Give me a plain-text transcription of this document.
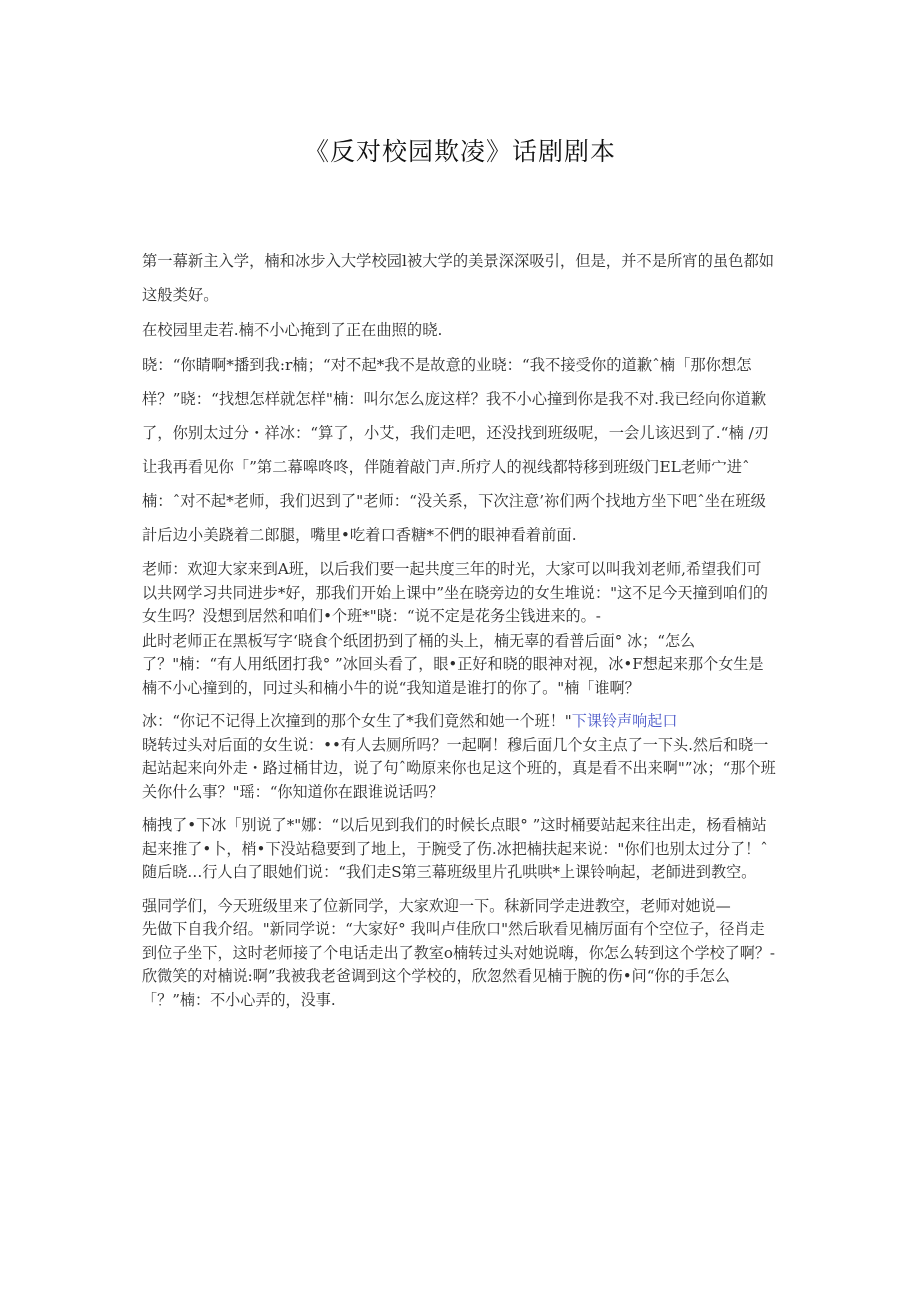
《反对校园欺凌》话剧剧本

第一幕新主入学，楠和冰步入大学校园l被大学的美景深深吸引，但是，并不是所宵的虽色都如这般类好。

在校园里走若.楠不小心掩到了正在曲照的晓.

晓：“你睛啊*播到我:r楠；“对不起*我不是故意的业晓：“我不接受你的道歉ˆ楠「那你想怎样？”晓：“找想怎样就怎样"楠：叫尔怎么庞这样？我不小心撞到你是我不对.我已经向你道歉了，你别太过分・祥冰：“算了，小艾，我们走吧，还没找到班级呢，一会儿该迟到了.“楠 /刃让我再看见你「”第二幕嗥咚咚，伴随着敲门声.所疗人的视线都特移到班级门EL老师宀进ˆ楠：ˆ对不起*老师，我们迟到了"老师：“没关系，下次注意’祢们两个找地方坐下吧ˆ坐在班级計后边小美跷着二郎腿，嘴里•吃着口香糖*不們的眼神看着前面.

老师：欢迎大家来到A班，以后我们要一起共度三年的时光，大家可以叫我刘老师,希望我们可以共网学习共同进步*好，那我们开始上课中”坐在晓旁边的女生堆说："这不足今天撞到咱们的女生吗？没想到居然和咱们•个班*"晓：“说不定是花务尘钱进来的。-

此时老师正在黑板写字‘晓食个纸团扔到了桶的头上，楠无辜的看普后面° 冰；“怎么了？"楠：“有人用纸团打我° ”冰回头看了，眼•正好和晓的眼神对视，冰•F想起来那个女生是楠不小心撞到的，冋过头和楠小牛的说“我知道是谁打的你了。"楠「谁啊？

冰：“你记不记得上次撞到的那个女生了*我们竟然和她一个班！"下课铃声响起口

晓转过头对后面的女生说：••有人去厕所吗？一起啊！穆后面几个女主点了一下头.然后和晓一起站起来向外走・路过桶甘边，说了句ˆ呦原来你也足这个班的，真是看不出来啊"”冰；“那个班关你什么事？"瑶：“你知道你在跟谁说话吗？

楠拽了•下冰「别说了*"娜：“以后见到我们的时候长点眼° ”这时桶要站起来往出走，杨看楠站起来推了•卜，梢•下没站稳要到了地上，于腕受了伤.冰把楠扶起来说："你们也别太过分了！ˆ随后晓…行人白了眼她们说：“我们走S第三幕班级里片孔哄哄*上课铃响起，老師进到教空。

强同学们，今天班级里来了位新同学，大家欢迎一下。秣新同学走进教空，老师对她说—

先做下自我介绍。"新同学说：“大家好° 我叫卢佳欣口"然后耿看见楠厉面有个空位子，径肖走到位子坐下，这时老师接了个电话走出了教室o楠转过头对她说嗨，你怎么转到这个学校了啊？-

欣微笑的对楠说:啊”我被我老爸调到这个学校的，欣忽然看见楠于腕的伤•问“你的手怎么「？”楠：不小心弄的，没事.
